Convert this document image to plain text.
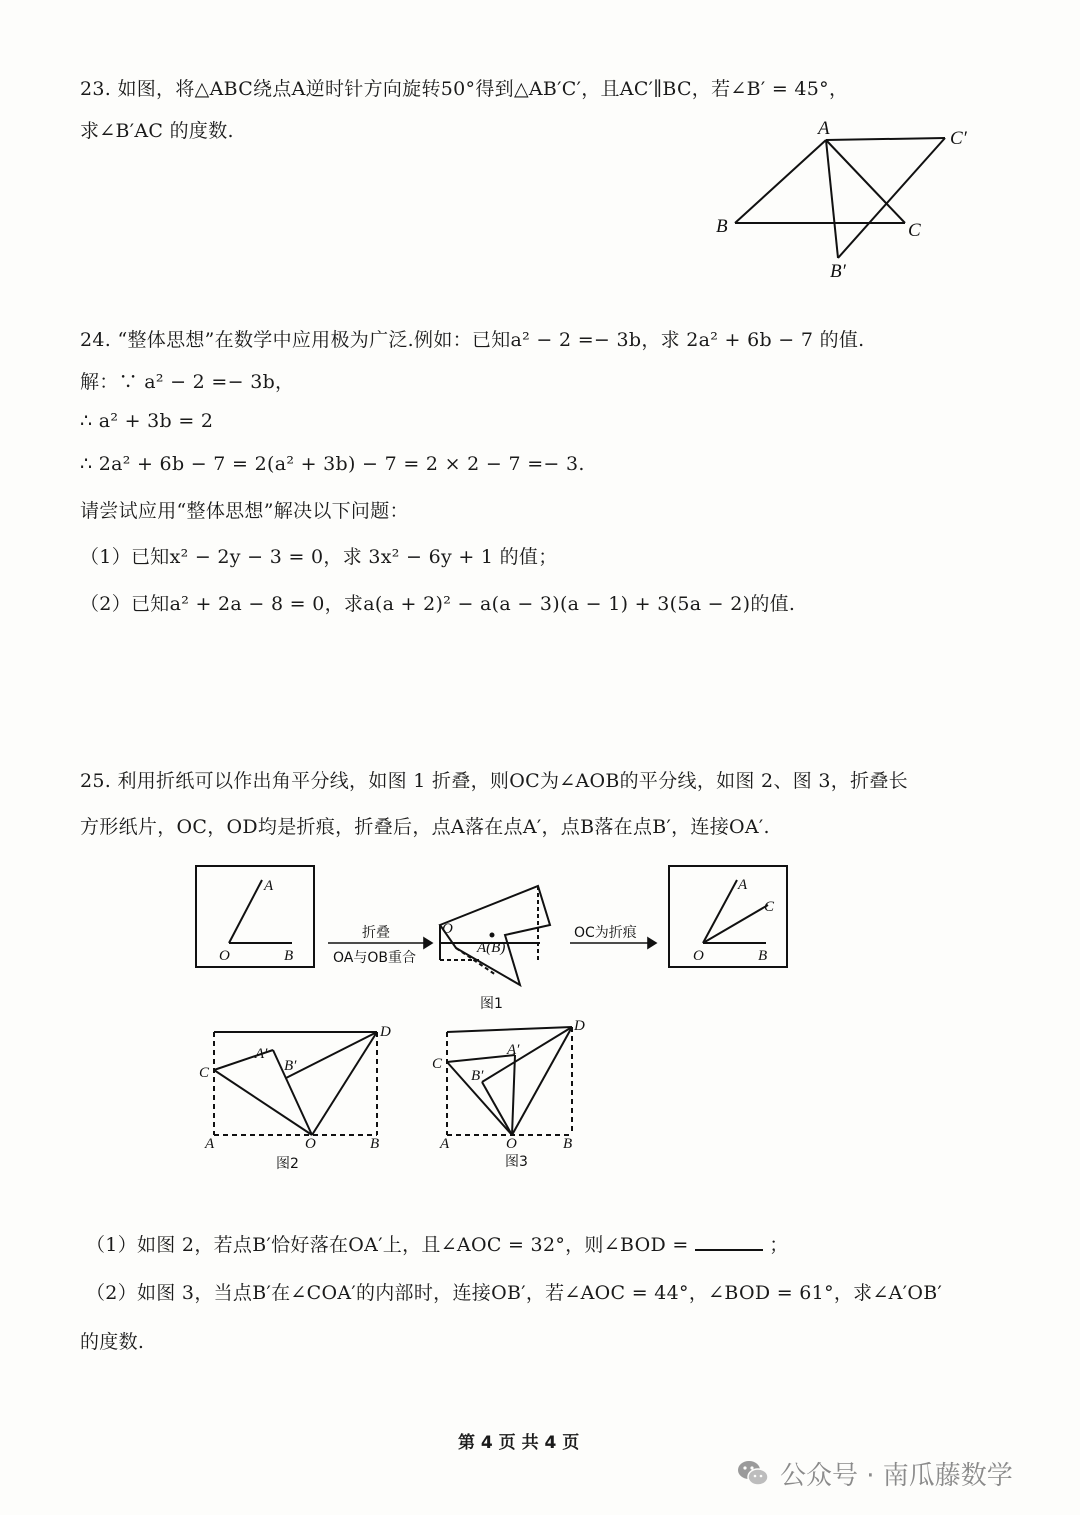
23. 如图，将△ABC绕点A逆时针方向旋转50°得到△AB′C′，且AC′∥BC，若∠B′ = 45°，
求∠B′AC 的度数.	A	C′
B	C
B′
24. “整体思想”在数学中应用极为广泛.例如：已知a² − 2 =− 3b，求 2a² + 6b − 7 的值.
解：∵ a² − 2 =− 3b，
∴ a² + 3b = 2
∴ 2a² + 6b − 7 = 2(a² + 3b) − 7 = 2 × 2 − 7 =− 3.
请尝试应用“整体思想”解决以下问题：
（1）已知x² − 2y − 3 = 0，求 3x² − 6y + 1 的值；
（2）已知a² + 2a − 8 = 0，求a(a + 2)² − a(a − 3)(a − 1) + 3(5a − 2)的值.
25. 利用折纸可以作出角平分线，如图 1 折叠，则OC为∠AOB的平分线，如图 2、图 3，折叠长
方形纸片，OC，OD均是折痕，折叠后，点A落在点A′，点B落在点B′，连接OA′.
A
O	B
折叠
OA与OB重合
O
A(B)
OC为折痕
A
C
O	B
图1
C
D
A′
B′
A	O	B
图2
C
D
A′
B′
A	O	B
图3
（1）如图 2，若点B′恰好落在OA′上，且∠AOC = 32°，则∠BOD =	；
（2）如图 3，当点B′在∠COA′的内部时，连接OB′，若∠AOC = 44°，∠BOD = 61°，求∠A′OB′
的度数.
第 4 页 共 4 页
公众号 · 南瓜藤数学
